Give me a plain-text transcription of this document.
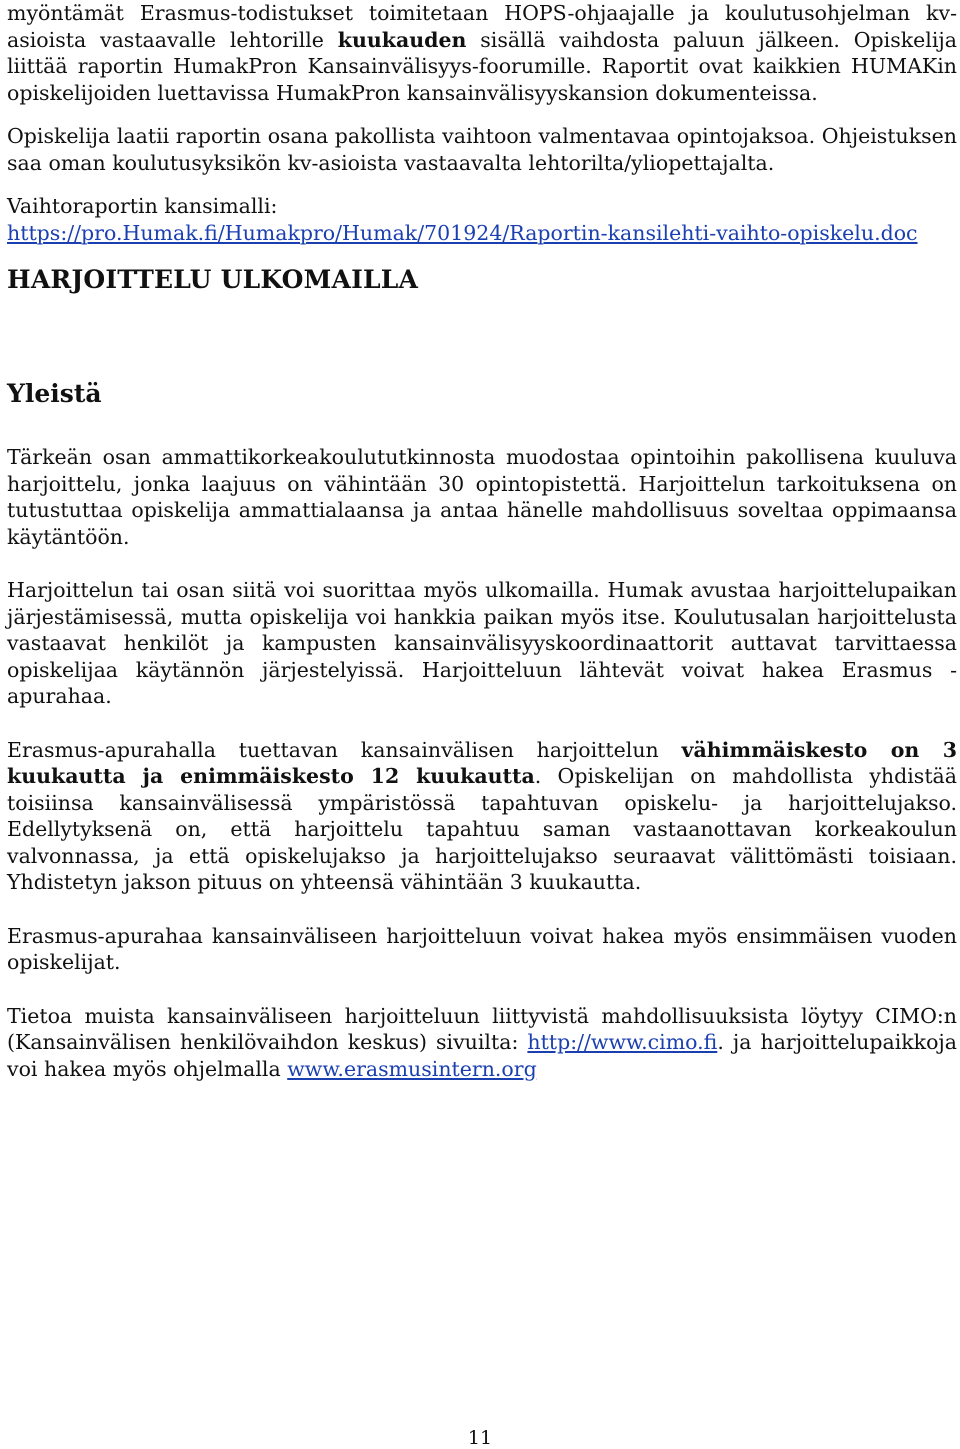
myöntämät Erasmus-todistukset toimitetaan HOPS-ohjaajalle ja koulutusohjelman kv-asioista vastaavalle lehtorille kuukauden sisällä vaihdosta paluun jälkeen. Opiskelija liittää raportin HumakPron Kansainvälisyys-foorumille. Raportit ovat kaikkien HUMAKin opiskelijoiden luettavissa HumakPron kansainvälisyyskansion dokumenteissa.

Opiskelija laatii raportin osana pakollista vaihtoon valmentavaa opintojaksoa. Ohjeistuksen saa oman koulutusyksikön kv-asioista vastaavalta lehtorilta/yliopettajalta.

Vaihtoraportin kansimalli:
https://pro.Humak.fi/Humakpro/Humak/701924/Raportin-kansilehti-vaihto-opiskelu.doc

HARJOITTELU ULKOMAILLA
Yleistä

Tärkeän osan ammattikorkeakoulututkinnosta muodostaa opintoihin pakollisena kuuluva harjoittelu, jonka laajuus on vähintään 30 opintopistettä. Harjoittelun tarkoituksena on tutustuttaa opiskelija ammattialaansa ja antaa hänelle mahdollisuus soveltaa oppimaansa käytäntöön.

Harjoittelun tai osan siitä voi suorittaa myös ulkomailla. Humak avustaa harjoittelupaikan järjestämisessä, mutta opiskelija voi hankkia paikan myös itse. Koulutusalan harjoittelusta vastaavat henkilöt ja kampusten kansainvälisyyskoordinaattorit auttavat tarvittaessa opiskelijaa käytännön järjestelyissä. Harjoitteluun lähtevät voivat hakea Erasmus - apurahaa.

Erasmus-apurahalla tuettavan kansainvälisen harjoittelun vähimmäiskesto on 3 kuukautta ja enimmäiskesto 12 kuukautta. Opiskelijan on mahdollista yhdistää toisiinsa kansainvälisessä ympäristössä tapahtuvan opiskelu- ja harjoittelujakso. Edellytyksenä on, että harjoittelu tapahtuu saman vastaanottavan korkeakoulun valvonnassa, ja että opiskelujakso ja harjoittelujakso seuraavat välittömästi toisiaan. Yhdistetyn jakson pituus on yhteensä vähintään 3 kuukautta.

Erasmus-apurahaa kansainväliseen harjoitteluun voivat hakea myös ensimmäisen vuoden opiskelijat.

Tietoa muista kansainväliseen harjoitteluun liittyvistä mahdollisuuksista löytyy CIMO:n (Kansainvälisen henkilövaihdon keskus) sivuilta: http://www.cimo.fi. ja harjoittelupaikkoja voi hakea myös ohjelmalla www.erasmusintern.org

11
